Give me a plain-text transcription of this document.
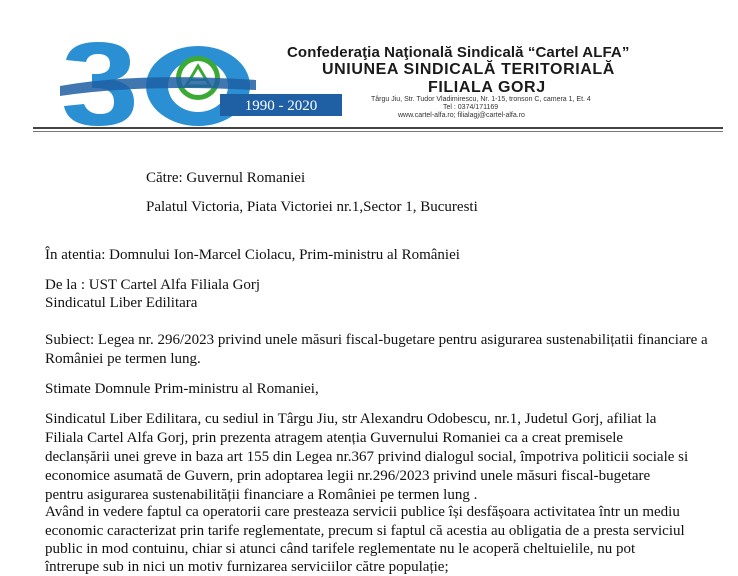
1990 - 2020
Confederaţia Naţională Sindicală “Cartel ALFA”
UNIUNEA SINDICALĂ TERITORIALĂ
FILIALA GORJ
Târgu Jiu, Str. Tudor Vladimirescu, Nr. 1-15, tronson C, camera 1, Et. 4
Tel : 0374/171169
www.cartel-alfa.ro; filialagj@cartel-alfa.ro
Către: Guvernul Romaniei
Palatul Victoria, Piata Victoriei nr.1,Sector 1, Bucuresti
În atentia: Domnului Ion-Marcel Ciolacu, Prim-ministru al României
De la : UST Cartel Alfa Filiala Gorj
Sindicatul Liber Edilitara
Subiect: Legea nr. 296/2023 privind unele măsuri fiscal-bugetare pentru asigurarea sustenabilițatii financiare a
României pe termen lung.
Stimate Domnule Prim-ministru al Romaniei,
Sindicatul Liber Edilitara, cu sediul in Târgu Jiu, str Alexandru Odobescu, nr.1, Judetul Gorj, afiliat la
Filiala Cartel Alfa Gorj, prin prezenta atragem atenția Guvernului Romaniei ca a creat premisele
declanșării unei greve in baza art 155 din Legea nr.367 privind dialogul social, împotriva politicii sociale si
economice asumată de Guvern, prin adoptarea legii nr.296/2023 privind unele măsuri fiscal-bugetare
pentru asigurarea sustenabilității financiare a României pe termen lung .
Având in vedere faptul ca operatorii care presteaza servicii publice își desfășoara activitatea într un mediu
economic caracterizat prin tarife reglementate, precum si faptul că acestia au obligatia de a presta serviciul
public in mod contuinu, chiar si atunci când tarifele reglementate nu le acoperă cheltuielile, nu pot
întrerupe sub in nici un motiv furnizarea serviciilor către populație;
